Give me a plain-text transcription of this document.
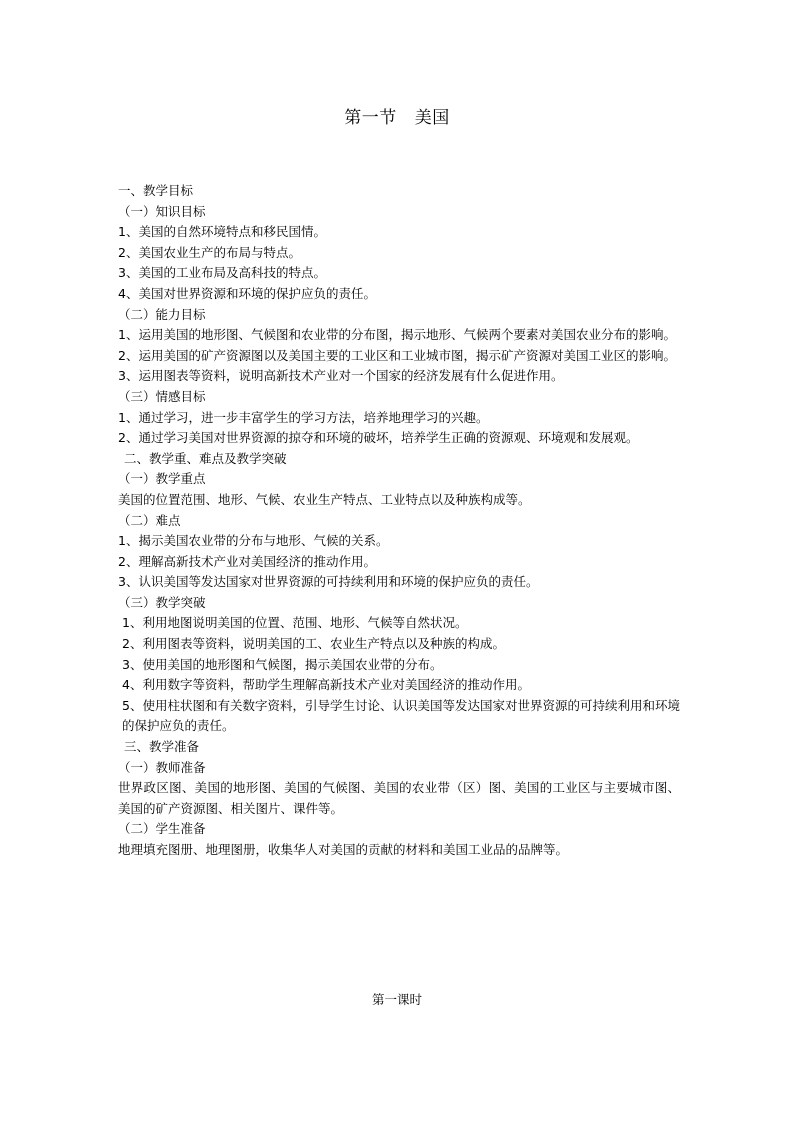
第一节 美国

一、教学目标

（一）知识目标

1、美国的自然环境特点和移民国情。

2、美国农业生产的布局与特点。

3、美国的工业布局及高科技的特点。

4、美国对世界资源和环境的保护应负的责任。

（二）能力目标

1、运用美国的地形图、气候图和农业带的分布图，揭示地形、气候两个要素对美国农业分布的影响。

2、运用美国的矿产资源图以及美国主要的工业区和工业城市图，揭示矿产资源对美国工业区的影响。

3、运用图表等资料，说明高新技术产业对一个国家的经济发展有什么促进作用。

（三）情感目标

1、通过学习，进一步丰富学生的学习方法，培养地理学习的兴趣。

2、通过学习美国对世界资源的掠夺和环境的破坏，培养学生正确的资源观、环境观和发展观。

二、教学重、难点及教学突破

（一）教学重点

美国的位置范围、地形、气候、农业生产特点、工业特点以及种族构成等。

（二）难点

1、揭示美国农业带的分布与地形、气候的关系。

2、理解高新技术产业对美国经济的推动作用。

3、认识美国等发达国家对世界资源的可持续利用和环境的保护应负的责任。

（三）教学突破

1、利用地图说明美国的位置、范围、地形、气候等自然状况。

2、利用图表等资料，说明美国的工、农业生产特点以及种族的构成。

3、使用美国的地形图和气候图，揭示美国农业带的分布。

4、利用数字等资料，帮助学生理解高新技术产业对美国经济的推动作用。

5、使用柱状图和有关数字资料，引导学生讨论、认识美国等发达国家对世界资源的可持续利用和环境的保护应负的责任。

三、教学准备

（一）教师准备

世界政区图、美国的地形图、美国的气候图、美国的农业带（区）图、美国的工业区与主要城市图、美国的矿产资源图、相关图片、课件等。

（二）学生准备

地理填充图册、地理图册，收集华人对美国的贡献的材料和美国工业品的品牌等。

第一课时
